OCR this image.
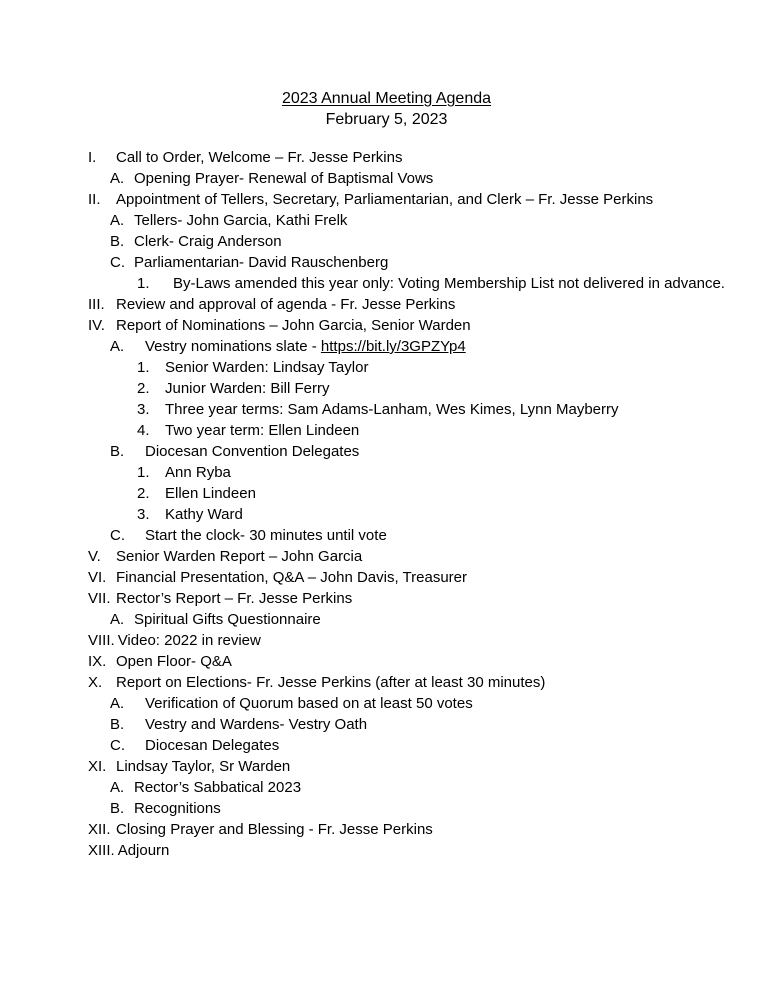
2023 Annual Meeting Agenda
February 5, 2023
I.	Call to Order, Welcome – Fr. Jesse Perkins
A. Opening Prayer- Renewal of Baptismal Vows
II.	Appointment of Tellers, Secretary, Parliamentarian, and Clerk – Fr. Jesse Perkins
A. Tellers- John Garcia, Kathi Frelk
B. Clerk- Craig Anderson
C. Parliamentarian- David Rauschenberg
1.	By-Laws amended this year only: Voting Membership List not delivered in advance.
III. Review and approval of agenda - Fr. Jesse Perkins
IV. Report of Nominations – John Garcia, Senior Warden
A.	Vestry nominations slate - https://bit.ly/3GPZYp4
1.	Senior Warden: Lindsay Taylor
2.	Junior Warden: Bill Ferry
3.	Three year terms: Sam Adams-Lanham, Wes Kimes, Lynn Mayberry
4.	Two year term: Ellen Lindeen
B.	Diocesan Convention Delegates
1.	Ann Ryba
2.	Ellen Lindeen
3.	Kathy Ward
C.	Start the clock- 30 minutes until vote
V.	Senior Warden Report – John Garcia
VI. Financial Presentation, Q&A – John Davis, Treasurer
VII. Rector’s Report – Fr. Jesse Perkins
A. Spiritual Gifts Questionnaire
VIII. Video: 2022 in review
IX. Open Floor- Q&A
X. Report on Elections- Fr. Jesse Perkins (after at least 30 minutes)
A.	Verification of Quorum based on at least 50 votes
B.	Vestry and Wardens- Vestry Oath
C.	Diocesan Delegates
XI. Lindsay Taylor, Sr Warden
A. Rector’s Sabbatical 2023
B. Recognitions
XII. Closing Prayer and Blessing - Fr. Jesse Perkins
XIII. Adjourn
